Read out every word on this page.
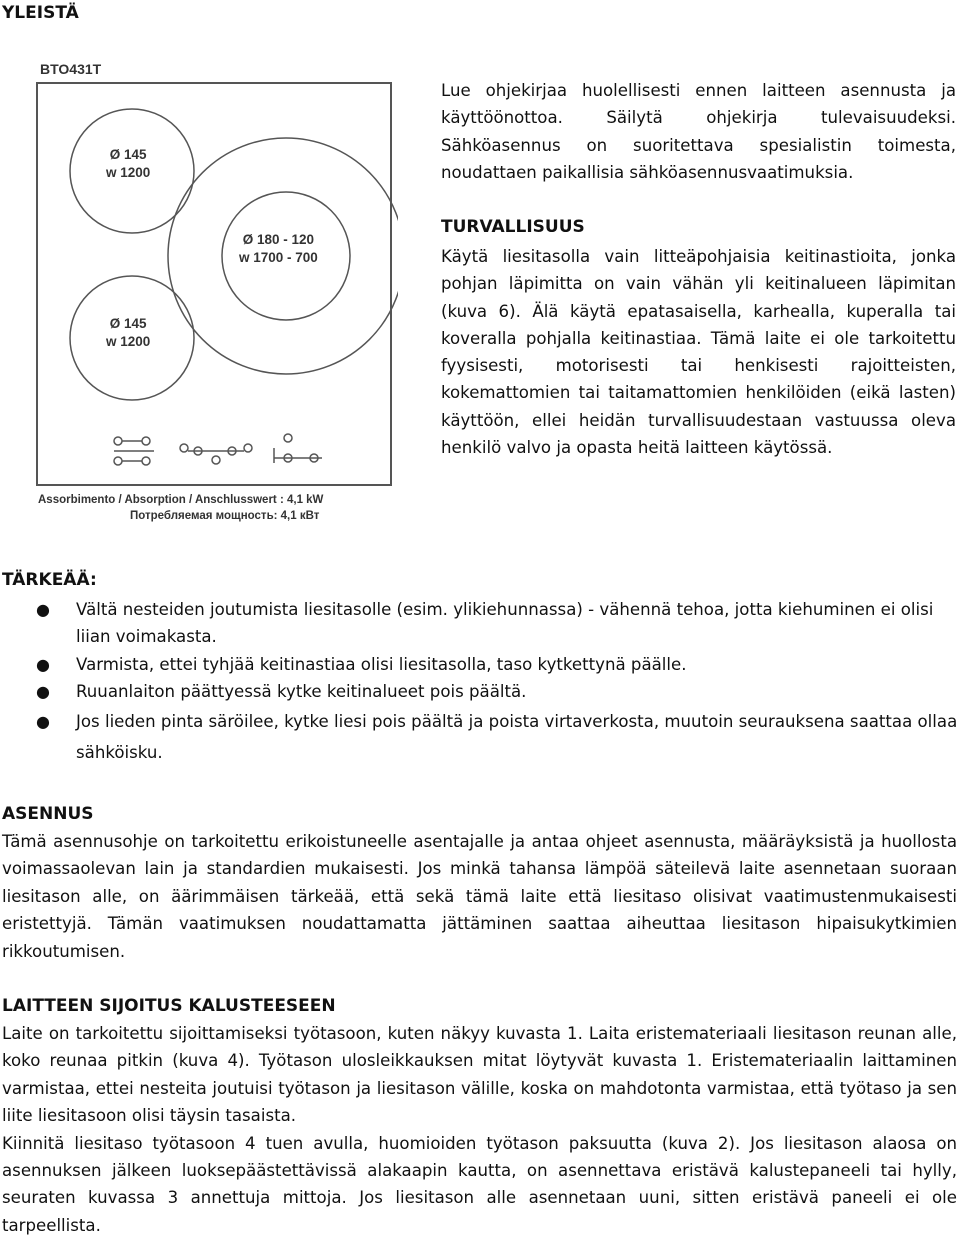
YLEISTÄ
BTO431T
Ø 145
w 1200
Ø 180 - 120
w 1700 - 700
Ø 145
w 1200
Assorbimento / Absorption / Anschlusswert : 4,1 kW
Потребляемая мощность: 4,1 кВт

Lue ohjekirjaa huolellisesti ennen laitteen asennusta ja käyttöönottoa. Säilytä ohjekirja tulevaisuudeksi. Sähköasennus on suoritettava spesialistin toimesta, noudattaen paikallisia sähköasennusvaatimuksia.

TURVALLISUUS

Käytä liesitasolla vain litteäpohjaisia keitinastioita, jonka pohjan läpimitta on vain vähän yli keitinalueen läpimitan (kuva 6). Älä käytä epatasaisella, karhealla, kuperalla tai koveralla pohjalla keitinastiaa. Tämä laite ei ole tarkoitettu fyysisesti, motorisesti tai henkisesti rajoitteisten, kokemattomien tai taitamattomien henkilöiden (eikä lasten) käyttöön, ellei heidän turvallisuudestaan vastuussa oleva henkilö valvo ja opasta heitä laitteen käytössä.

TÄRKEÄÄ:
● Vältä nesteiden joutumista liesitasolle (esim. ylikiehunnassa) - vähennä tehoa, jotta kiehuminen ei olisi liian voimakasta.
● Varmista, ettei tyhjää keitinastiaa olisi liesitasolla, taso kytkettynä päälle.
● Ruuanlaiton päättyessä kytke keitinalueet pois päältä.
● Jos lieden pinta säröilee, kytke liesi pois päältä ja poista virtaverkosta, muutoin seurauksena saattaa ollaa sähköisku.
ASENNUS

Tämä asennusohje on tarkoitettu erikoistuneelle asentajalle ja antaa ohjeet asennusta, määräyksistä ja huollosta voimassaolevan lain ja standardien mukaisesti. Jos minkä tahansa lämpöä säteilevä laite asennetaan suoraan liesitason alle, on äärimmäisen tärkeää, että sekä tämä laite että liesitaso olisivat vaatimustenmukaisesti eristettyjä. Tämän vaatimuksen noudattamatta jättäminen saattaa aiheuttaa liesitason hipaisukytkimien rikkoutumisen.

LAITTEEN SIJOITUS KALUSTEESEEN
Laite on tarkoitettu sijoittamiseksi työtasoon, kuten näkyy kuvasta 1. Laita eristemateriaali liesitason reunan alle, koko reunaa pitkin (kuva 4). Työtason ulosleikkauksen mitat löytyvät kuvasta 1. Eristemateriaalin laittaminen varmistaa, ettei nesteita joutuisi työtason ja liesitason välille, koska on mahdotonta varmistaa, että työtaso ja sen liite liesitasoon olisi täysin tasaista.
Kiinnitä liesitaso työtasoon 4 tuen avulla, huomioiden työtason paksuutta (kuva 2). Jos liesitason alaosa on asennuksen jälkeen luoksepäästettävissä alakaapin kautta, on asennettava eristävä kalustepaneeli tai hylly, seuraten kuvassa 3 annettuja mittoja. Jos liesitason alle asennetaan uuni, sitten eristävä paneeli ei ole tarpeellista.
